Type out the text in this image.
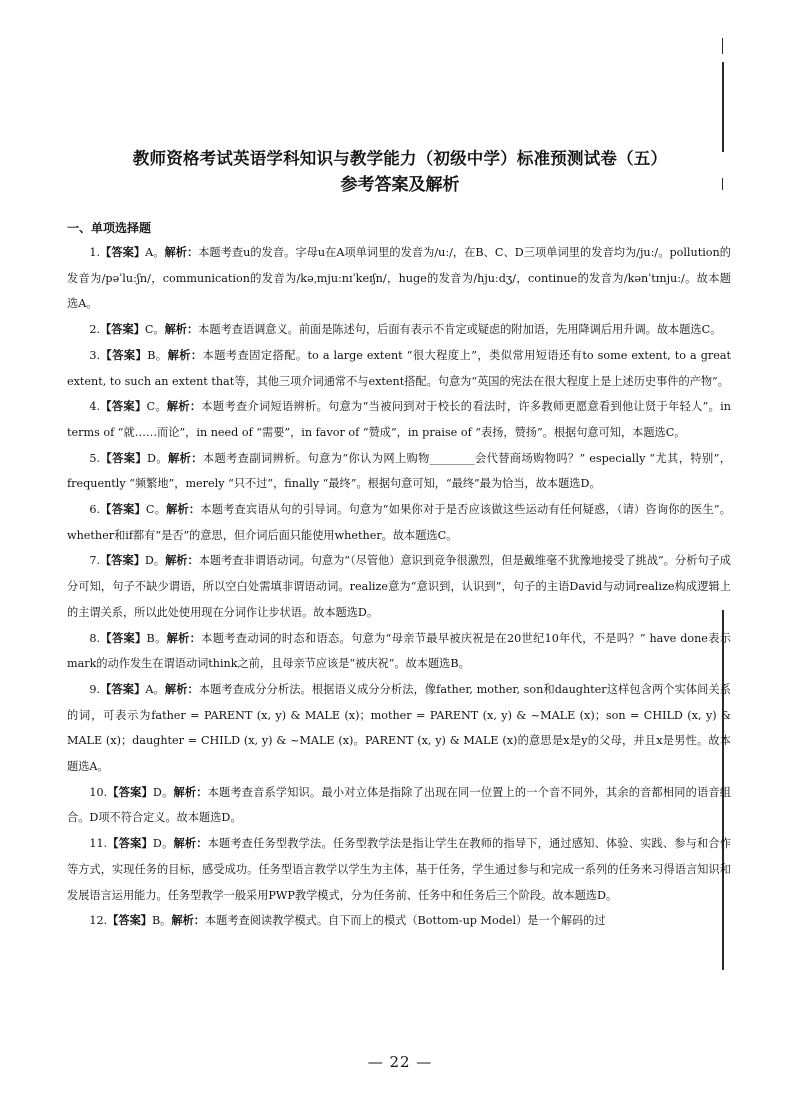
教师资格考试英语学科知识与教学能力（初级中学）标准预测试卷（五）
参考答案及解析
一、单项选择题

1.【答案】A。解析：本题考查u的发音。字母u在A项单词里的发音为/uː/，在B、C、D三项单词里的发音均为/juː/。pollution的发音为/pəˈluːʃn/，communication的发音为/kəˌmjuːnɪˈkeɪʃn/，huge的发音为/hjuːdʒ/，continue的发音为/kənˈtɪnjuː/。故本题选A。

2.【答案】C。解析：本题考查语调意义。前面是陈述句，后面有表示不肯定或疑虑的附加语，先用降调后用升调。故本题选C。

3.【答案】B。解析：本题考查固定搭配。to a large extent “很大程度上”，类似常用短语还有to some extent, to a great extent, to such an extent that等，其他三项介词通常不与extent搭配。句意为“英国的宪法在很大程度上是上述历史事件的产物”。

4.【答案】C。解析：本题考查介词短语辨析。句意为“当被问到对于校长的看法时，许多教师更愿意看到他让贤于年轻人”。in terms of “就……而论”，in need of “需要”，in favor of “赞成”，in praise of “表扬，赞扬”。根据句意可知，本题选C。

5.【答案】D。解析：本题考查副词辨析。句意为“你认为网上购物________会代替商场购物吗？” especially “尤其，特别”，frequently “频繁地”，merely “只不过”，finally “最终”。根据句意可知，“最终”最为恰当，故本题选D。

6.【答案】C。解析：本题考查宾语从句的引导词。句意为“如果你对于是否应该做这些运动有任何疑惑，（请）咨询你的医生”。whether和if都有“是否”的意思，但介词后面只能使用whether。故本题选C。

7.【答案】D。解析：本题考查非谓语动词。句意为“（尽管他）意识到竞争很激烈，但是戴维毫不犹豫地接受了挑战”。分析句子成分可知，句子不缺少谓语，所以空白处需填非谓语动词。realize意为“意识到，认识到”，句子的主语David与动词realize构成逻辑上的主谓关系，所以此处使用现在分词作让步状语。故本题选D。

8.【答案】B。解析：本题考查动词的时态和语态。句意为“母亲节最早被庆祝是在20世纪10年代，不是吗？” have done表示mark的动作发生在谓语动词think之前，且母亲节应该是“被庆祝”。故本题选B。

9.【答案】A。解析：本题考查成分分析法。根据语义成分分析法，像father, mother, son和daughter这样包含两个实体间关系的词，可表示为father = PARENT (x, y) & MALE (x)；mother = PARENT (x, y) & ~MALE (x)；son = CHILD (x, y) & MALE (x)；daughter = CHILD (x, y) & ~MALE (x)。PARENT (x, y) & MALE (x)的意思是x是y的父母，并且x是男性。故本题选A。

10.【答案】D。解析：本题考查音系学知识。最小对立体是指除了出现在同一位置上的一个音不同外，其余的音都相同的语音组合。D项不符合定义。故本题选D。

11.【答案】D。解析：本题考查任务型教学法。任务型教学法是指让学生在教师的指导下，通过感知、体验、实践、参与和合作等方式，实现任务的目标，感受成功。任务型语言教学以学生为主体，基于任务，学生通过参与和完成一系列的任务来习得语言知识和发展语言运用能力。任务型教学一般采用PWP教学模式，分为任务前、任务中和任务后三个阶段。故本题选D。

12.【答案】B。解析：本题考查阅读教学模式。自下而上的模式（Bottom-up Model）是一个解码的过

— 22 —
